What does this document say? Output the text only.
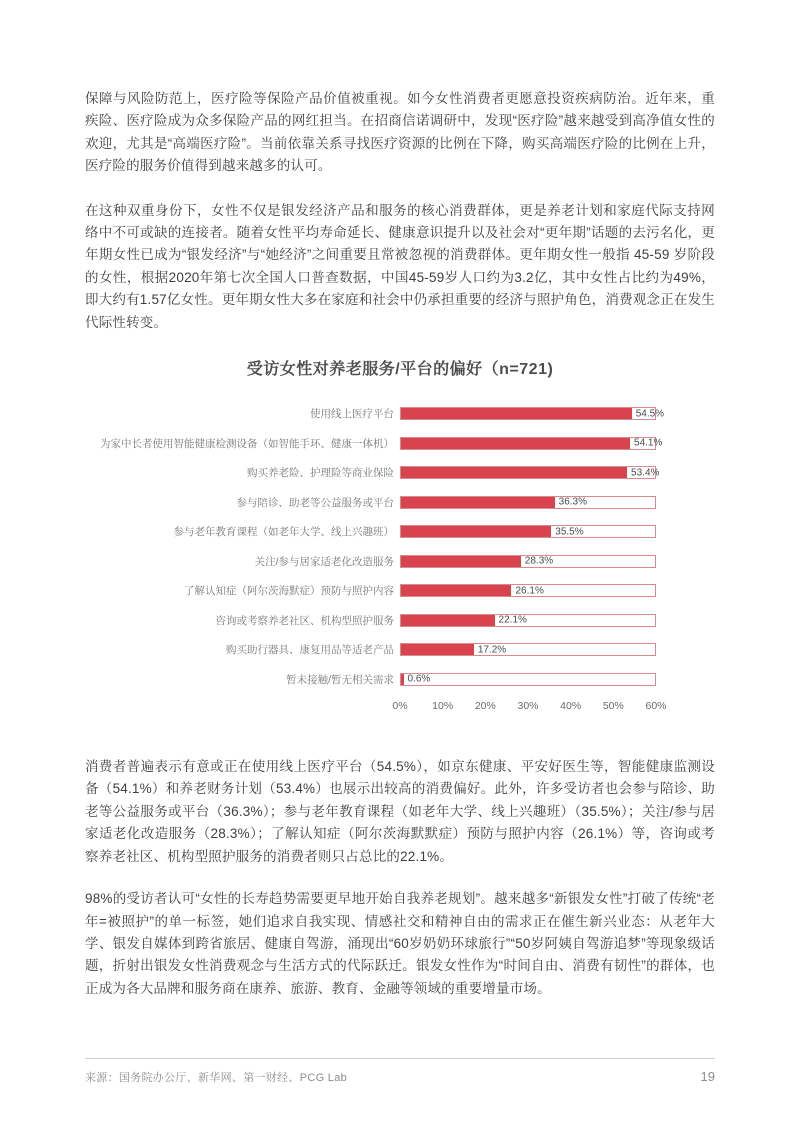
保障与风险防范上，医疗险等保险产品价值被重视。如今女性消费者更愿意投资疾病防治。近年来，重疾险、医疗险成为众多保险产品的网红担当。在招商信诺调研中，发现“医疗险”越来越受到高净值女性的欢迎，尤其是“高端医疗险”。当前依靠关系寻找医疗资源的比例在下降，购买高端医疗险的比例在上升，医疗险的服务价值得到越来越多的认可。

在这种双重身份下，女性不仅是银发经济产品和服务的核心消费群体，更是养老计划和家庭代际支持网络中不可或缺的连接者。随着女性平均寿命延长、健康意识提升以及社会对“更年期”话题的去污名化，更年期女性已成为“银发经济”与“她经济”之间重要且常被忽视的消费群体。更年期女性一般指 45-59 岁阶段的女性，根据2020年第七次全国人口普查数据，中国45-59岁人口约为3.2亿，其中女性占比约为49%，即大约有1.57亿女性。更年期女性大多在家庭和社会中仍承担重要的经济与照护角色，消费观念正在发生代际性转变。

受访女性对养老服务/平台的偏好（n=721)
使用线上医疗平台	54.5%
为家中长者使用智能健康检测设备（如智能手环、健康一体机）	54.1%
购买养老险、护理险等商业保险	53.4%
参与陪诊、助老等公益服务或平台	36.3%
参与老年教育课程（如老年大学、线上兴趣班）	35.5%
关注/参与居家适老化改造服务	28.3%
了解认知症（阿尔茨海默症）预防与照护内容	26.1%
咨询或考察养老社区、机构型照护服务	22.1%
购买助行器具、康复用品等适老产品	17.2%
暂未接触/暂无相关需求	0.6%
0% 10% 20% 30% 40% 50% 60%

消费者普遍表示有意或正在使用线上医疗平台（54.5%），如京东健康、平安好医生等，智能健康监测设备（54.1%）和养老财务计划（53.4%）也展示出较高的消费偏好。此外，许多受访者也会参与陪诊、助老等公益服务或平台（36.3%）；参与老年教育课程（如老年大学、线上兴趣班）（35.5%）；关注/参与居家适老化改造服务（28.3%）；了解认知症（阿尔茨海默默症）预防与照护内容（26.1%）等，咨询或考察养老社区、机构型照护服务的消费者则只占总比的22.1%。

98%的受访者认可“女性的长寿趋势需要更早地开始自我养老规划”。越来越多“新银发女性”打破了传统“老年=被照护”的单一标签，她们追求自我实现、情感社交和精神自由的需求正在催生新兴业态：从老年大学、银发自媒体到跨省旅居、健康自驾游，涌现出“60岁奶奶环球旅行”“50岁阿姨自驾游追梦”等现象级话题，折射出银发女性消费观念与生活方式的代际跃迁。银发女性作为“时间自由、消费有韧性”的群体，也正成为各大品牌和服务商在康养、旅游、教育、金融等领域的重要增量市场。

来源：国务院办公厅、新华网、第一财经、PCG Lab	19
